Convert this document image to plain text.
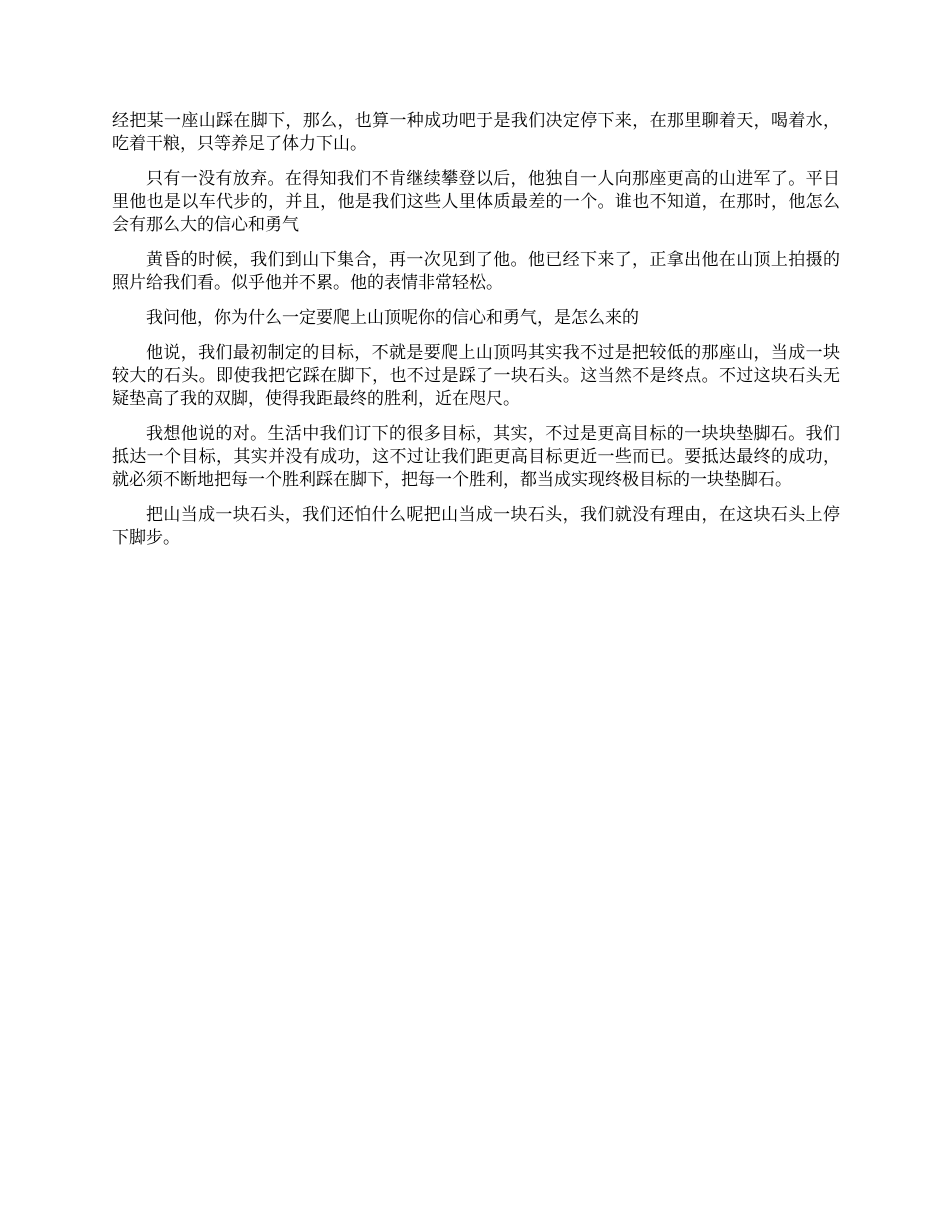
经把某一座山踩在脚下，那么，也算一种成功吧于是我们决定停下来，在那里聊着天，喝着水，吃着干粮，只等养足了体力下山。

只有一没有放弃。在得知我们不肯继续攀登以后，他独自一人向那座更高的山进军了。平日里他也是以车代步的，并且，他是我们这些人里体质最差的一个。谁也不知道，在那时，他怎么会有那么大的信心和勇气

黄昏的时候，我们到山下集合，再一次见到了他。他已经下来了，正拿出他在山顶上拍摄的照片给我们看。似乎他并不累。他的表情非常轻松。

我问他，你为什么一定要爬上山顶呢你的信心和勇气，是怎么来的

他说，我们最初制定的目标，不就是要爬上山顶吗其实我不过是把较低的那座山，当成一块较大的石头。即使我把它踩在脚下，也不过是踩了一块石头。这当然不是终点。不过这块石头无疑垫高了我的双脚，使得我距最终的胜利，近在咫尺。

我想他说的对。生活中我们订下的很多目标，其实，不过是更高目标的一块块垫脚石。我们抵达一个目标，其实并没有成功，这不过让我们距更高目标更近一些而已。要抵达最终的成功，就必须不断地把每一个胜利踩在脚下，把每一个胜利，都当成实现终极目标的一块垫脚石。

把山当成一块石头，我们还怕什么呢把山当成一块石头，我们就没有理由，在这块石头上停下脚步。
